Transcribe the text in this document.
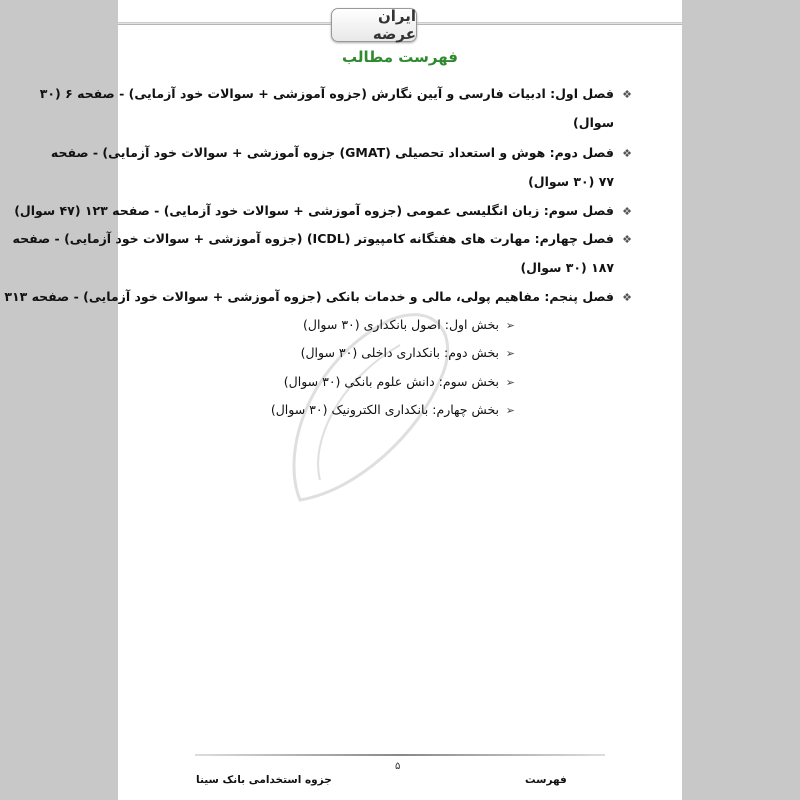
ایران عرضه
فهرست مطالب
❖فصل اول: ادبیات فارسی و آیین نگارش (جزوه آموزشی + سوالات خود آزمایی) - صفحه ۶ (۳۰
سوال)
❖فصل دوم: هوش و استعداد تحصیلی (GMAT) جزوه آموزشی + سوالات خود آزمایی) - صفحه
۷۷ (۳۰ سوال)
❖فصل سوم: زبان انگلیسی عمومی (جزوه آموزشی + سوالات خود آزمایی) - صفحه ۱۲۳ (۴۷ سوال)
❖فصل چهارم: مهارت های هفتگانه کامپیوتر (ICDL) (جزوه آموزشی + سوالات خود آزمایی) - صفحه
۱۸۷ (۳۰ سوال)
❖فصل پنجم: مفاهیم پولی، مالی و خدمات بانکی (جزوه آموزشی + سوالات خود آزمایی) - صفحه ۳۱۳
➢بخش اول: اصول بانکداری (۳۰ سوال)
➢بخش دوم: بانکداری داخلی (۳۰ سوال)
➢بخش سوم: دانش علوم بانکی (۳۰ سوال)
➢بخش چهارم: بانکداری الکترونیک (۳۰ سوال)
۵
جزوه استخدامی بانک سینا	فهرست
